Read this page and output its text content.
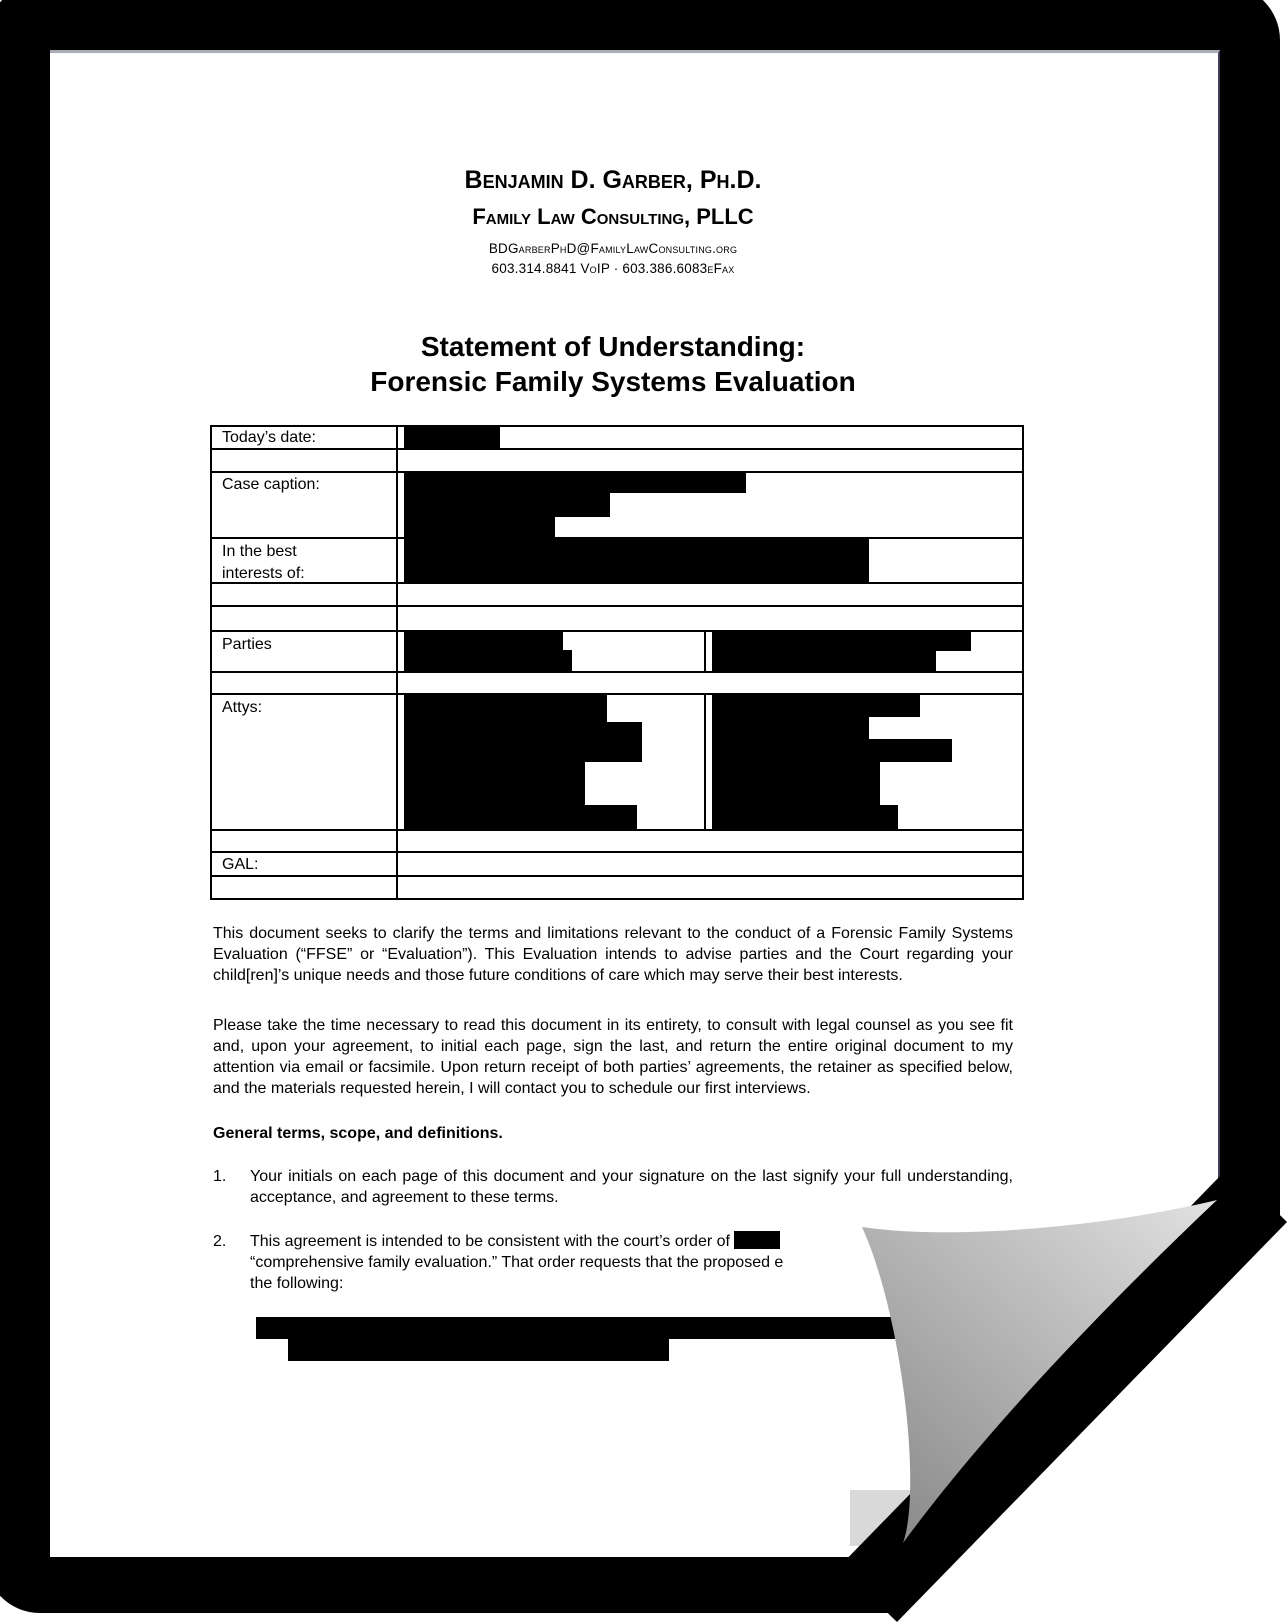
Benjamin D. Garber, Ph.D.
Family Law Consulting, PLLC
BDGarberPhD@FamilyLawConsulting.org
603.314.8841 VoIP · 603.386.6083eFax
Statement of Understanding:
Forensic Family Systems Evaluation
Today’s date:
Case caption:
In the best interests of:
Parties
Attys:
GAL:

This document seeks to clarify the terms and limitations relevant to the conduct of a Forensic Family Systems Evaluation (“FFSE” or “Evaluation”). This Evaluation intends to advise parties and the Court regarding your child[ren]’s unique needs and those future conditions of care which may serve their best interests.

Please take the time necessary to read this document in its entirety, to consult with legal counsel as you see fit and, upon your agreement, to initial each page, sign the last, and return the entire original document to my attention via email or facsimile. Upon return receipt of both parties’ agreements, the retainer as specified below, and the materials requested herein, I will contact you to schedule our first interviews.

General terms, scope, and definitions.
1.	Your initials on each page of this document and your signature on the last signify your full understanding, acceptance, and agreement to these terms.
2.	This agreement is intended to be consistent with the court’s order of
“comprehensive family evaluation.” That order requests that the proposed e
the following:
